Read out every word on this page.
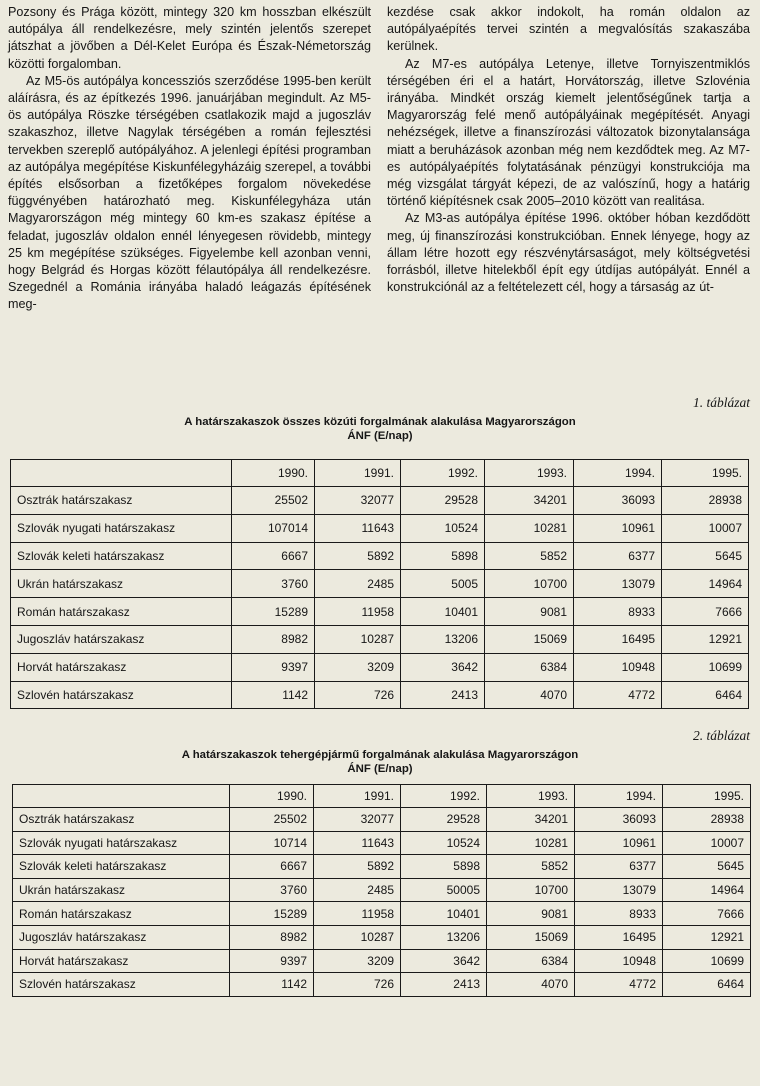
Pozsony és Prága között, mintegy 320 km hosszban elkészült autópálya áll rendelkezésre, mely szintén jelentős szerepet játszhat a jövőben a Dél-Kelet Európa és Észak-Németország közötti forgalomban.

Az M5-ös autópálya koncessziós szerződése 1995-ben került aláírásra, és az építkezés 1996. januárjában megindult. Az M5-ös autópálya Röszke térségében csatlakozik majd a jugoszláv szakaszhoz, illetve Nagylak térségében a román fejlesztési tervekben szereplő autópályához. A jelenlegi építési programban az autópálya megépítése Kiskunfélegyházáig szerepel, a további építés elsősorban a fizetőképes forgalom növekedése függvényében határozható meg. Kiskunfélegyháza után Magyarországon még mintegy 60 km-es szakasz építése a feladat, jugoszláv oldalon ennél lényegesen rövidebb, mintegy 25 km megépítése szükséges. Figyelembe kell azonban venni, hogy Belgrád és Horgas között félautópálya áll rendelkezésre. Szegednél a Románia irányába haladó leágazás építésének meg-

kezdése csak akkor indokolt, ha román oldalon az autópályaépítés tervei szintén a megvalósítás szakaszába kerülnek.

Az M7-es autópálya Letenye, illetve Tornyiszentmiklós térségében éri el a határt, Horvátország, illetve Szlovénia irányába. Mindkét ország kiemelt jelentőségűnek tartja a Magyarország felé menő autópályáinak megépítését. Anyagi nehézségek, illetve a finanszírozási változatok bizonytalansága miatt a beruházások azonban még nem kezdődtek meg. Az M7-es autópályaépítés folytatásának pénzügyi konstrukciója ma még vizsgálat tárgyát képezi, de az valószínű, hogy a határig történő kiépítésnek csak 2005–2010 között van realitása.

Az M3-as autópálya építése 1996. október hóban kezdődött meg, új finanszírozási konstrukcióban. Ennek lényege, hogy az állam létre hozott egy részvénytársaságot, mely költségvetési forrásból, illetve hitelekből épít egy útdíjas autópályát. Ennél a konstrukciónál az a feltételezett cél, hogy a társaság az út-

1. táblázat
A határszakaszok összes közúti forgalmának alakulása Magyarországon
ÁNF (E/nap)
	1990.	1991.	1992.	1993.	1994.	1995.
Osztrák határszakasz	25502	32077	29528	34201	36093	28938
Szlovák nyugati határszakasz	107014	11643	10524	10281	10961	10007
Szlovák keleti határszakasz	6667	5892	5898	5852	6377	5645
Ukrán határszakasz	3760	2485	5005	10700	13079	14964
Román határszakasz	15289	11958	10401	9081	8933	7666
Jugoszláv határszakasz	8982	10287	13206	15069	16495	12921
Horvát határszakasz	9397	3209	3642	6384	10948	10699
Szlovén határszakasz	1142	726	2413	4070	4772	6464
2. táblázat
A határszakaszok tehergépjármű forgalmának alakulása Magyarországon
ÁNF (E/nap)
	1990.	1991.	1992.	1993.	1994.	1995.
Osztrák határszakasz	25502	32077	29528	34201	36093	28938
Szlovák nyugati határszakasz	10714	11643	10524	10281	10961	10007
Szlovák keleti határszakasz	6667	5892	5898	5852	6377	5645
Ukrán határszakasz	3760	2485	50005	10700	13079	14964
Román határszakasz	15289	11958	10401	9081	8933	7666
Jugoszláv határszakasz	8982	10287	13206	15069	16495	12921
Horvát határszakasz	9397	3209	3642	6384	10948	10699
Szlovén határszakasz	1142	726	2413	4070	4772	6464
